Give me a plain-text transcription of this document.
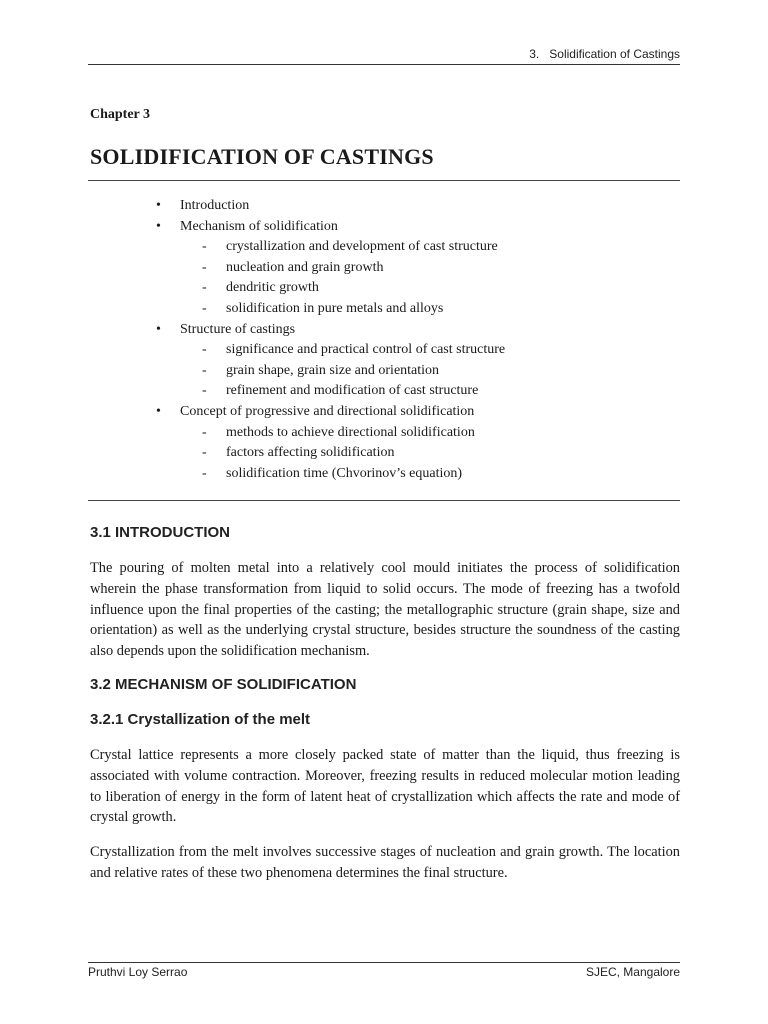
3. Solidification of Castings
Chapter 3
SOLIDIFICATION OF CASTINGS
• Introduction
• Mechanism of solidification
- crystallization and development of cast structure
- nucleation and grain growth
- dendritic growth
- solidification in pure metals and alloys
• Structure of castings
- significance and practical control of cast structure
- grain shape, grain size and orientation
- refinement and modification of cast structure
• Concept of progressive and directional solidification
- methods to achieve directional solidification
- factors affecting solidification
- solidification time (Chvorinov’s equation)
3.1 INTRODUCTION
The pouring of molten metal into a relatively cool mould initiates the process of solidification wherein the phase transformation from liquid to solid occurs. The mode of freezing has a twofold influence upon the final properties of the casting; the metallographic structure (grain shape, size and orientation) as well as the underlying crystal structure, besides structure the soundness of the casting also depends upon the solidification mechanism.
3.2 MECHANISM OF SOLIDIFICATION
3.2.1 Crystallization of the melt
Crystal lattice represents a more closely packed state of matter than the liquid, thus freezing is associated with volume contraction. Moreover, freezing results in reduced molecular motion leading to liberation of energy in the form of latent heat of crystallization which affects the rate and mode of crystal growth.
Crystallization from the melt involves successive stages of nucleation and grain growth. The location and relative rates of these two phenomena determines the final structure.
Pruthvi Loy Serrao	SJEC, Mangalore
